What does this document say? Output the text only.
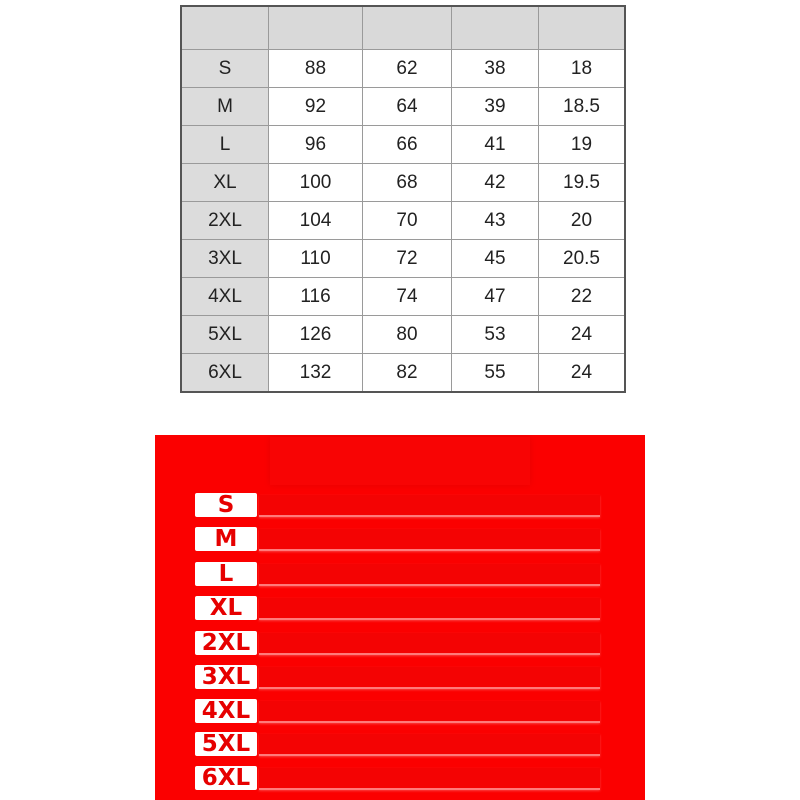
S	88	62	38	18
M	92	64	39	18.5
L	96	66	41	19
XL	100	68	42	19.5
2XL	104	70	43	20
3XL	110	72	45	20.5
4XL	116	74	47	22
5XL	126	80	53	24
6XL	132	82	55	24
S
M
L
XL
2XL
3XL
4XL
5XL
6XL
